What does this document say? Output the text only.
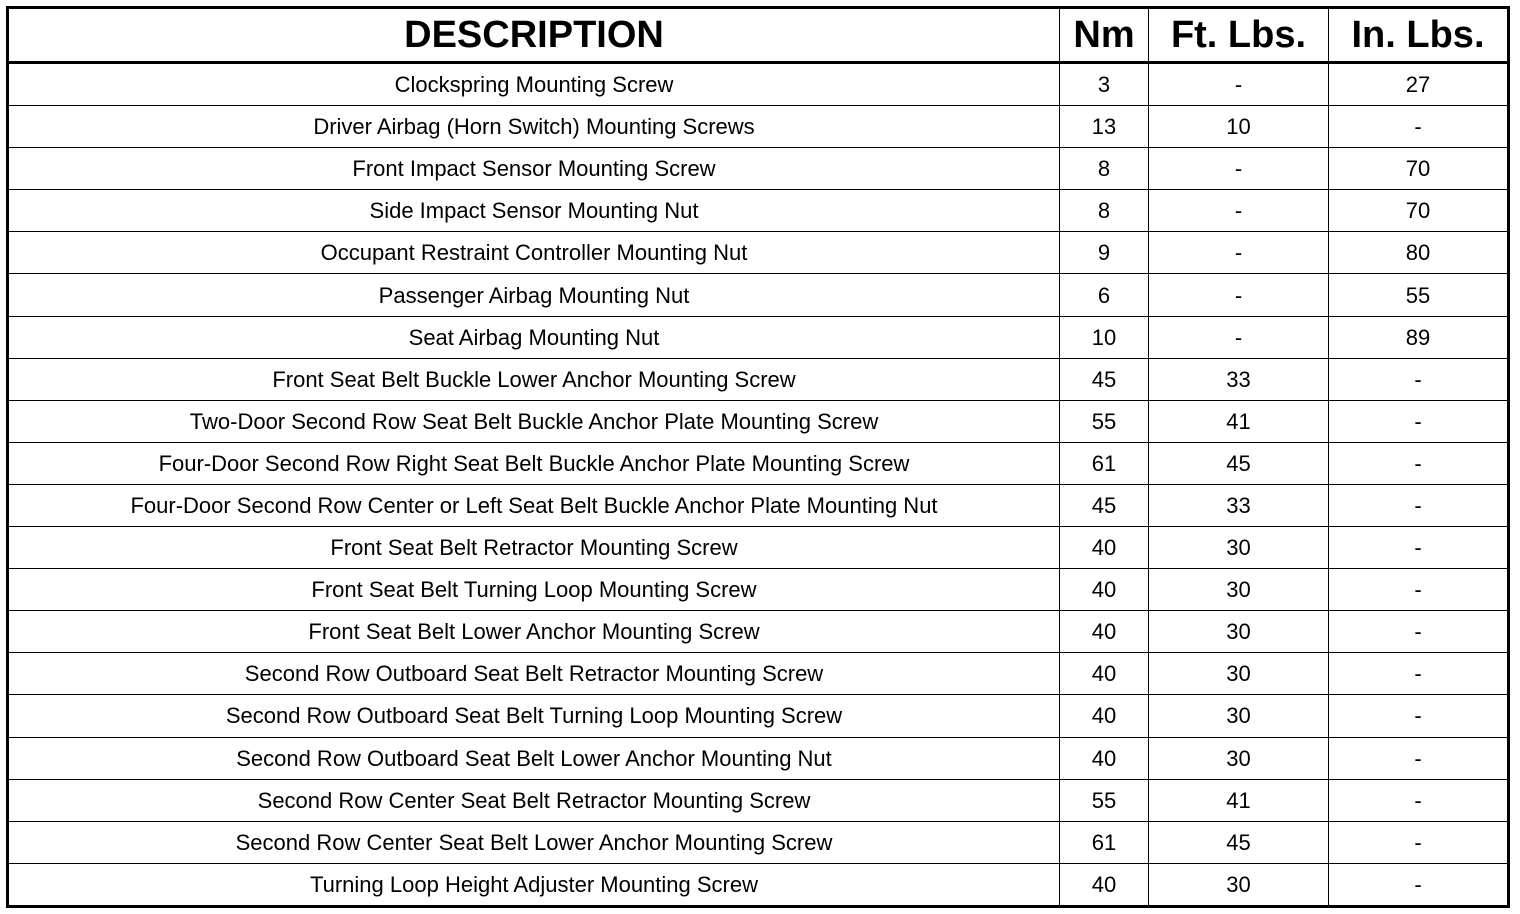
DESCRIPTION	Nm	Ft. Lbs.	In. Lbs.
Clockspring Mounting Screw	3	-	27
Driver Airbag (Horn Switch) Mounting Screws	13	10	-
Front Impact Sensor Mounting Screw	8	-	70
Side Impact Sensor Mounting Nut	8	-	70
Occupant Restraint Controller Mounting Nut	9	-	80
Passenger Airbag Mounting Nut	6	-	55
Seat Airbag Mounting Nut	10	-	89
Front Seat Belt Buckle Lower Anchor Mounting Screw	45	33	-
Two-Door Second Row Seat Belt Buckle Anchor Plate Mounting Screw	55	41	-
Four-Door Second Row Right Seat Belt Buckle Anchor Plate Mounting Screw	61	45	-
Four-Door Second Row Center or Left Seat Belt Buckle Anchor Plate Mounting Nut	45	33	-
Front Seat Belt Retractor Mounting Screw	40	30	-
Front Seat Belt Turning Loop Mounting Screw	40	30	-
Front Seat Belt Lower Anchor Mounting Screw	40	30	-
Second Row Outboard Seat Belt Retractor Mounting Screw	40	30	-
Second Row Outboard Seat Belt Turning Loop Mounting Screw	40	30	-
Second Row Outboard Seat Belt Lower Anchor Mounting Nut	40	30	-
Second Row Center Seat Belt Retractor Mounting Screw	55	41	-
Second Row Center Seat Belt Lower Anchor Mounting Screw	61	45	-
Turning Loop Height Adjuster Mounting Screw	40	30	-
